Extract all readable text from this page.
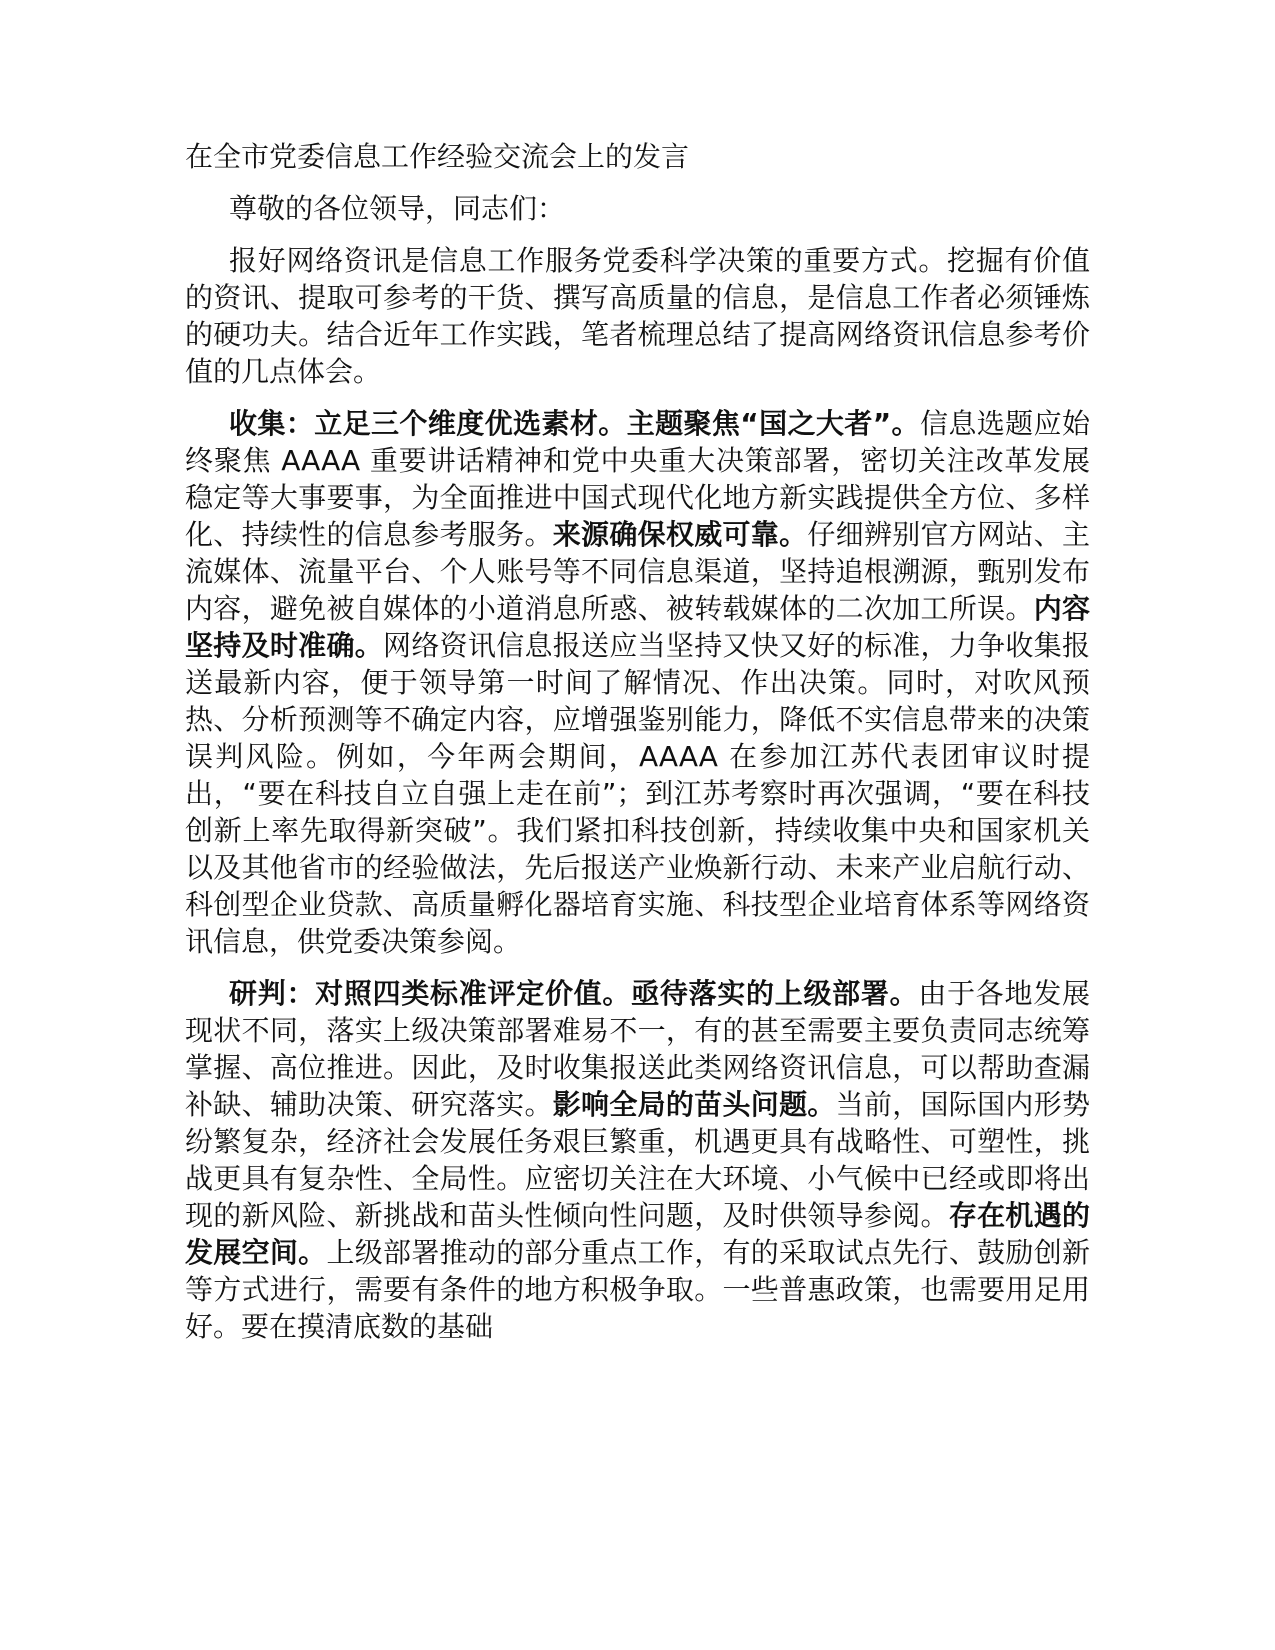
在全市党委信息工作经验交流会上的发言

尊敬的各位领导，同志们：

报好网络资讯是信息工作服务党委科学决策的重要方式。挖掘有价值的资讯、提取可参考的干货、撰写高质量的信息，是信息工作者必须锤炼的硬功夫。结合近年工作实践，笔者梳理总结了提高网络资讯信息参考价值的几点体会。

收集：立足三个维度优选素材。主题聚焦“国之大者”。信息选题应始终聚焦 AAAA 重要讲话精神和党中央重大决策部署，密切关注改革发展稳定等大事要事，为全面推进中国式现代化地方新实践提供全方位、多样化、持续性的信息参考服务。来源确保权威可靠。仔细辨别官方网站、主流媒体、流量平台、个人账号等不同信息渠道，坚持追根溯源，甄别发布内容，避免被自媒体的小道消息所惑、被转载媒体的二次加工所误。内容坚持及时准确。网络资讯信息报送应当坚持又快又好的标准，力争收集报送最新内容，便于领导第一时间了解情况、作出决策。同时，对吹风预热、分析预测等不确定内容，应增强鉴别能力，降低不实信息带来的决策误判风险。例如，今年两会期间，AAAA 在参加江苏代表团审议时提出，“要在科技自立自强上走在前”；到江苏考察时再次强调，“要在科技创新上率先取得新突破”。我们紧扣科技创新，持续收集中央和国家机关以及其他省市的经验做法，先后报送产业焕新行动、未来产业启航行动、科创型企业贷款、高质量孵化器培育实施、科技型企业培育体系等网络资讯信息，供党委决策参阅。

研判：对照四类标准评定价值。亟待落实的上级部署。由于各地发展现状不同，落实上级决策部署难易不一，有的甚至需要主要负责同志统筹掌握、高位推进。因此，及时收集报送此类网络资讯信息，可以帮助查漏补缺、辅助决策、研究落实。影响全局的苗头问题。当前，国际国内形势纷繁复杂，经济社会发展任务艰巨繁重，机遇更具有战略性、可塑性，挑战更具有复杂性、全局性。应密切关注在大环境、小气候中已经或即将出现的新风险、新挑战和苗头性倾向性问题，及时供领导参阅。存在机遇的发展空间。上级部署推动的部分重点工作，有的采取试点先行、鼓励创新等方式进行，需要有条件的地方积极争取。一些普惠政策，也需要用足用好。要在摸清底数的基础
